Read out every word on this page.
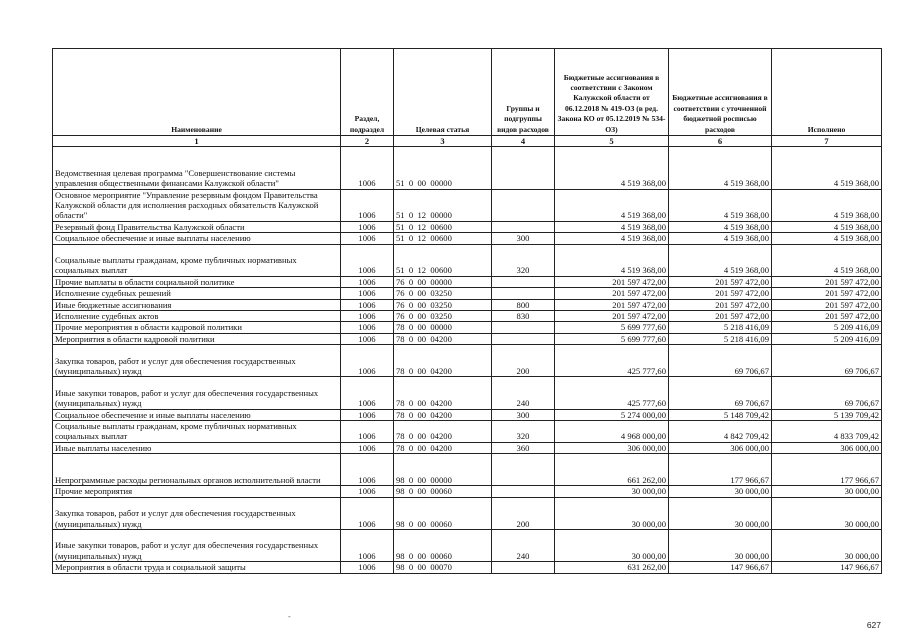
Наименование	Раздел, подраздел	Целевая статья	Группы и подгруппы видов расходов	Бюджетные ассигнования в соответствии с Законом Калужской области от 06.12.2018 № 419-ОЗ (в ред. Закона КО от 05.12.2019 № 534-ОЗ)	Бюджетные ассигнования в соответствии с уточненной бюджетной росписью расходов	Исполнено
1	2	3	4	5	6	7
Ведомственная целевая программа "Совершенствование системы управления общественными финансами Калужской области"	1006	51  0  00  00000		4 519 368,00	4 519 368,00	4 519 368,00
Основное мероприятие "Управление резервным фондом Правительства Калужской области для исполнения расходных обязательств Калужской области"	1006	51  0  12  00000		4 519 368,00	4 519 368,00	4 519 368,00
Резервный фонд Правительства Калужской области	1006	51  0  12  00600		4 519 368,00	4 519 368,00	4 519 368,00
Социальное обеспечение и иные выплаты населению	1006	51  0  12  00600	300	4 519 368,00	4 519 368,00	4 519 368,00
Социальные выплаты гражданам, кроме публичных нормативных социальных выплат	1006	51  0  12  00600	320	4 519 368,00	4 519 368,00	4 519 368,00
Прочие выплаты в области социальной политике	1006	76  0  00  00000		201 597 472,00	201 597 472,00	201 597 472,00
Исполнение судебных решений	1006	76  0  00  03250		201 597 472,00	201 597 472,00	201 597 472,00
Иные бюджетные ассигнования	1006	76  0  00  03250	800	201 597 472,00	201 597 472,00	201 597 472,00
Исполнение судебных актов	1006	76  0  00  03250	830	201 597 472,00	201 597 472,00	201 597 472,00
Прочие мероприятия в области кадровой политики	1006	78  0  00  00000		5 699 777,60	5 218 416,09	5 209 416,09
Мероприятия в области кадровой политики	1006	78  0  00  04200		5 699 777,60	5 218 416,09	5 209 416,09
Закупка товаров, работ и услуг для обеспечения государственных (муниципальных) нужд	1006	78  0  00  04200	200	425 777,60	69 706,67	69 706,67
Иные закупки товаров, работ и услуг для обеспечения государственных (муниципальных) нужд	1006	78  0  00  04200	240	425 777,60	69 706,67	69 706,67
Социальное обеспечение и иные выплаты населению	1006	78  0  00  04200	300	5 274 000,00	5 148 709,42	5 139 709,42
Социальные выплаты гражданам, кроме публичных нормативных социальных выплат	1006	78  0  00  04200	320	4 968 000,00	4 842 709,42	4 833 709,42
Иные выплаты населению	1006	78  0  00  04200	360	306 000,00	306 000,00	306 000,00
Непрограммные расходы региональных органов исполнительной власти	1006	98  0  00  00000		661 262,00	177 966,67	177 966,67
Прочие мероприятия	1006	98  0  00  00060		30 000,00	30 000,00	30 000,00
Закупка товаров, работ и услуг для обеспечения государственных (муниципальных) нужд	1006	98  0  00  00060	200	30 000,00	30 000,00	30 000,00
Иные закупки товаров, работ и услуг для обеспечения государственных (муниципальных) нужд	1006	98  0  00  00060	240	30 000,00	30 000,00	30 000,00
Мероприятия в области труда и социальной защиты	1006	98  0  00  00070		631 262,00	147 966,67	147 966,67
-
627
